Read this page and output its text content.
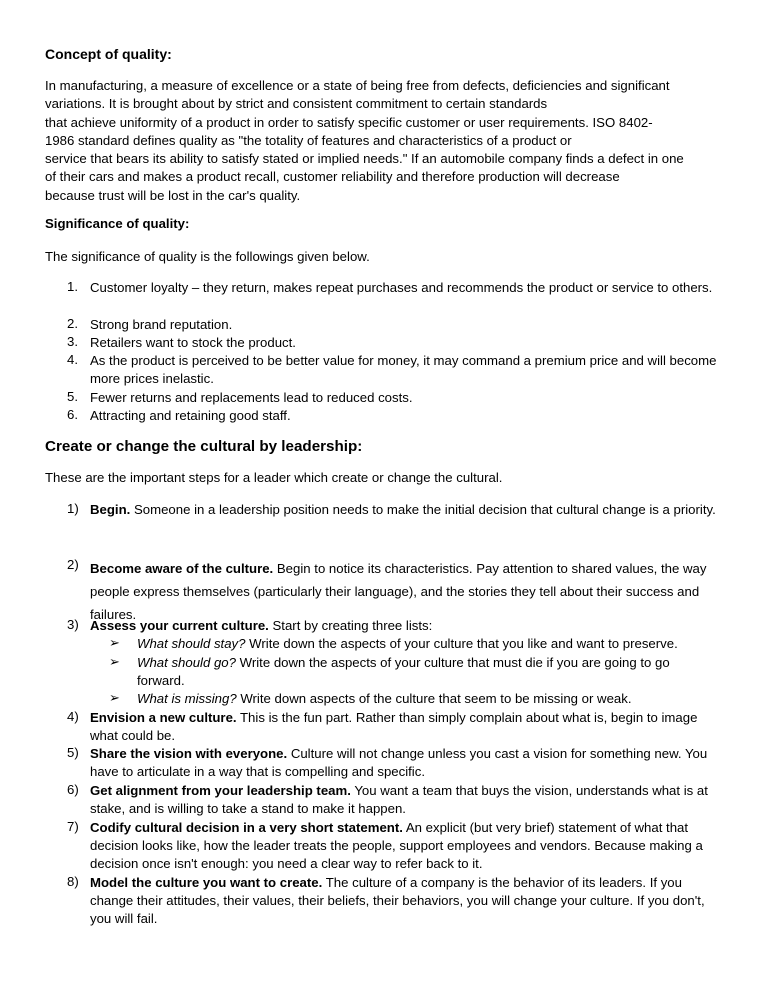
Concept of quality:
In manufacturing, a measure of excellence or a state of being free from defects, deficiencies and significant
variations. It is brought about by strict and consistent commitment to certain standards
that achieve uniformity of a product in order to satisfy specific customer or user requirements. ISO 8402-
1986 standard defines quality as "the totality of features and characteristics of a product or
service that bears its ability to satisfy stated or implied needs." If an automobile company finds a defect in one
of their cars and makes a product recall, customer reliability and therefore production will decrease
because trust will be lost in the car's quality.
Significance of quality:
The significance of quality is the followings given below.
1. Customer loyalty – they return, makes repeat purchases and recommends the product or service to others.
2. Strong brand reputation.
3. Retailers want to stock the product.
4. As the product is perceived to be better value for money, it may command a premium price and will become more prices inelastic.
5. Fewer returns and replacements lead to reduced costs.
6. Attracting and retaining good staff.
Create or change the cultural by leadership:
These are the important steps for a leader which create or change the cultural.
1) Begin. Someone in a leadership position needs to make the initial decision that cultural change is a priority.
2) Become aware of the culture. Begin to notice its characteristics. Pay attention to shared values, the way people express themselves (particularly their language), and the stories they tell about their success and failures.
3) Assess your current culture. Start by creating three lists:
➢ What should stay? Write down the aspects of your culture that you like and want to preserve.
➢ What should go? Write down the aspects of your culture that must die if you are going to go forward.
➢ What is missing? Write down aspects of the culture that seem to be missing or weak.
4) Envision a new culture. This is the fun part. Rather than simply complain about what is, begin to image what could be.
5) Share the vision with everyone. Culture will not change unless you cast a vision for something new. You have to articulate in a way that is compelling and specific.
6) Get alignment from your leadership team. You want a team that buys the vision, understands what is at stake, and is willing to take a stand to make it happen.
7) Codify cultural decision in a very short statement. An explicit (but very brief) statement of what that decision looks like, how the leader treats the people, support employees and vendors. Because making a decision once isn't enough: you need a clear way to refer back to it.
8) Model the culture you want to create. The culture of a company is the behavior of its leaders. If you change their attitudes, their values, their beliefs, their behaviors, you will change your culture. If you don't, you will fail.
